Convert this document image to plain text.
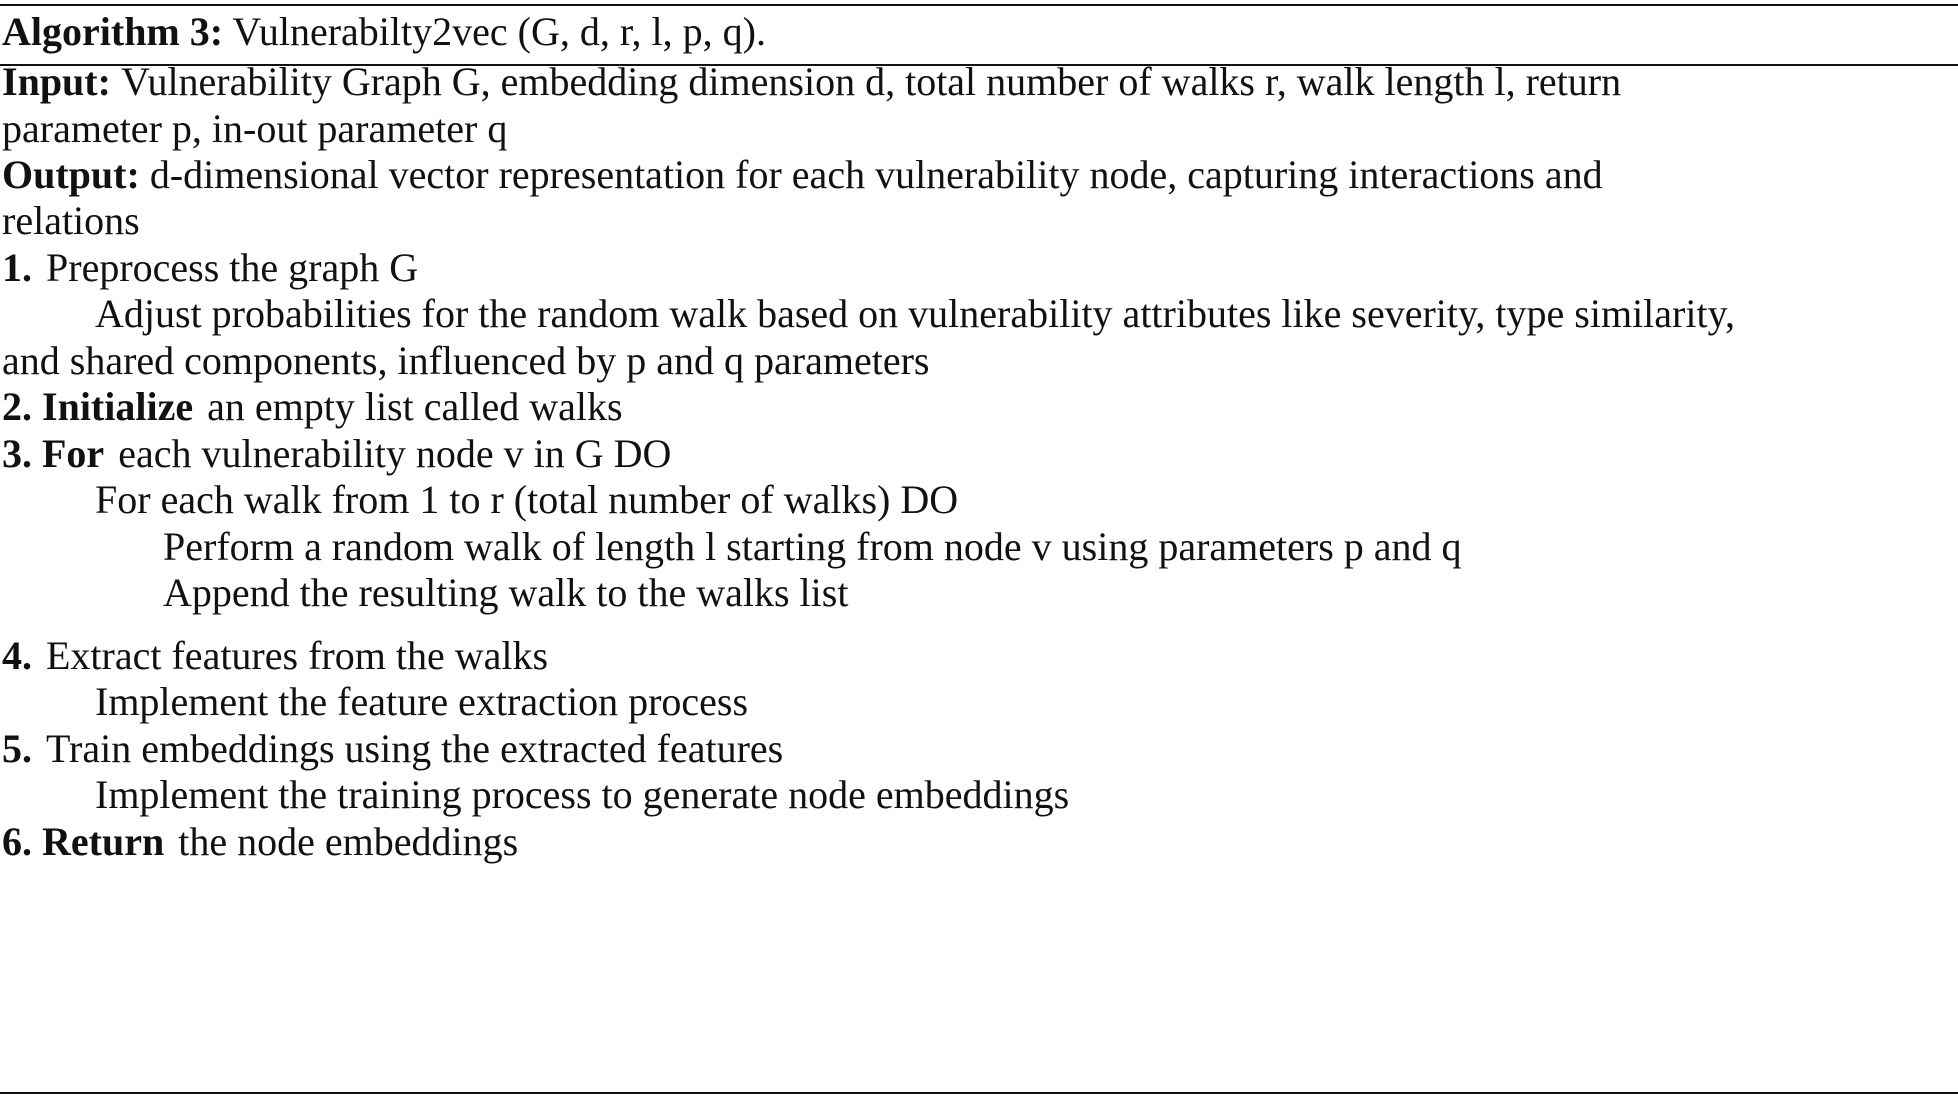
Algorithm 3: Vulnerabilty2vec (G, d, r, l, p, q).
Input: Vulnerability Graph G, embedding dimension d, total number of walks r, walk length l, return
parameter p, in-out parameter q
Output: d-dimensional vector representation for each vulnerability node, capturing interactions and
relations
1. Preprocess the graph G
Adjust probabilities for the random walk based on vulnerability attributes like severity, type similarity,
and shared components, influenced by p and q parameters
2. Initialize an empty list called walks
3. For each vulnerability node v in G DO
For each walk from 1 to r (total number of walks) DO
Perform a random walk of length l starting from node v using parameters p and q
Append the resulting walk to the walks list
4. Extract features from the walks
Implement the feature extraction process
5. Train embeddings using the extracted features
Implement the training process to generate node embeddings
6. Return the node embeddings
